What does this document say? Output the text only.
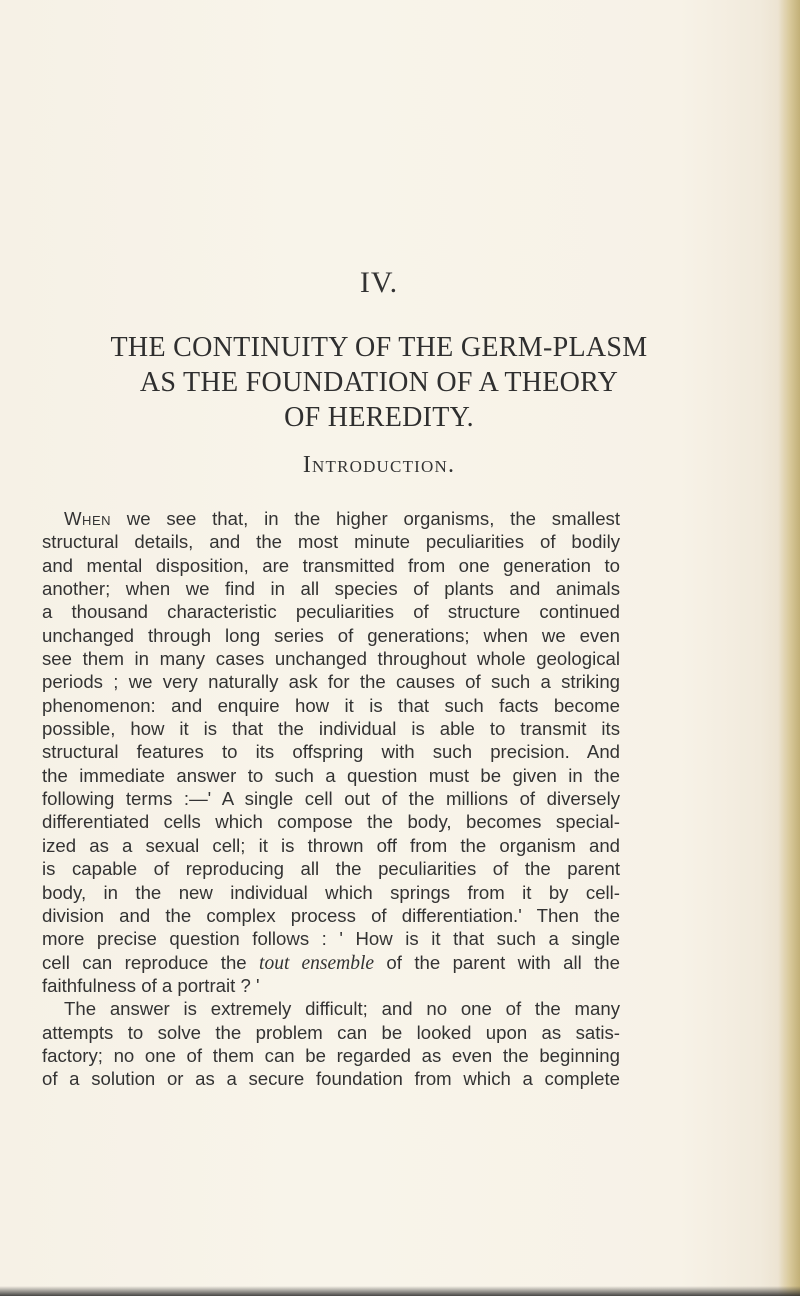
IV.
THE CONTINUITY OF THE GERM-PLASM
AS THE FOUNDATION OF A THEORY
OF HEREDITY.
Introduction.
When we see that, in the higher organisms, the smallest
structural details, and the most minute peculiarities of bodily
and mental disposition, are transmitted from one generation to
another; when we find in all species of plants and animals
a thousand characteristic peculiarities of structure continued
unchanged through long series of generations; when we even
see them in many cases unchanged throughout whole geological
periods ; we very naturally ask for the causes of such a striking
phenomenon: and enquire how it is that such facts become
possible, how it is that the individual is able to transmit its
structural features to its offspring with such precision. And
the immediate answer to such a question must be given in the
following terms :—' A single cell out of the millions of diversely
differentiated cells which compose the body, becomes special-
ized as a sexual cell; it is thrown off from the organism and
is capable of reproducing all the peculiarities of the parent
body, in the new individual which springs from it by cell-
division and the complex process of differentiation.' Then the
more precise question follows : ' How is it that such a single
cell can reproduce the tout ensemble of the parent with all the
faithfulness of a portrait ? '
The answer is extremely difficult; and no one of the many
attempts to solve the problem can be looked upon as satis-
factory; no one of them can be regarded as even the beginning
of a solution or as a secure foundation from which a complete
